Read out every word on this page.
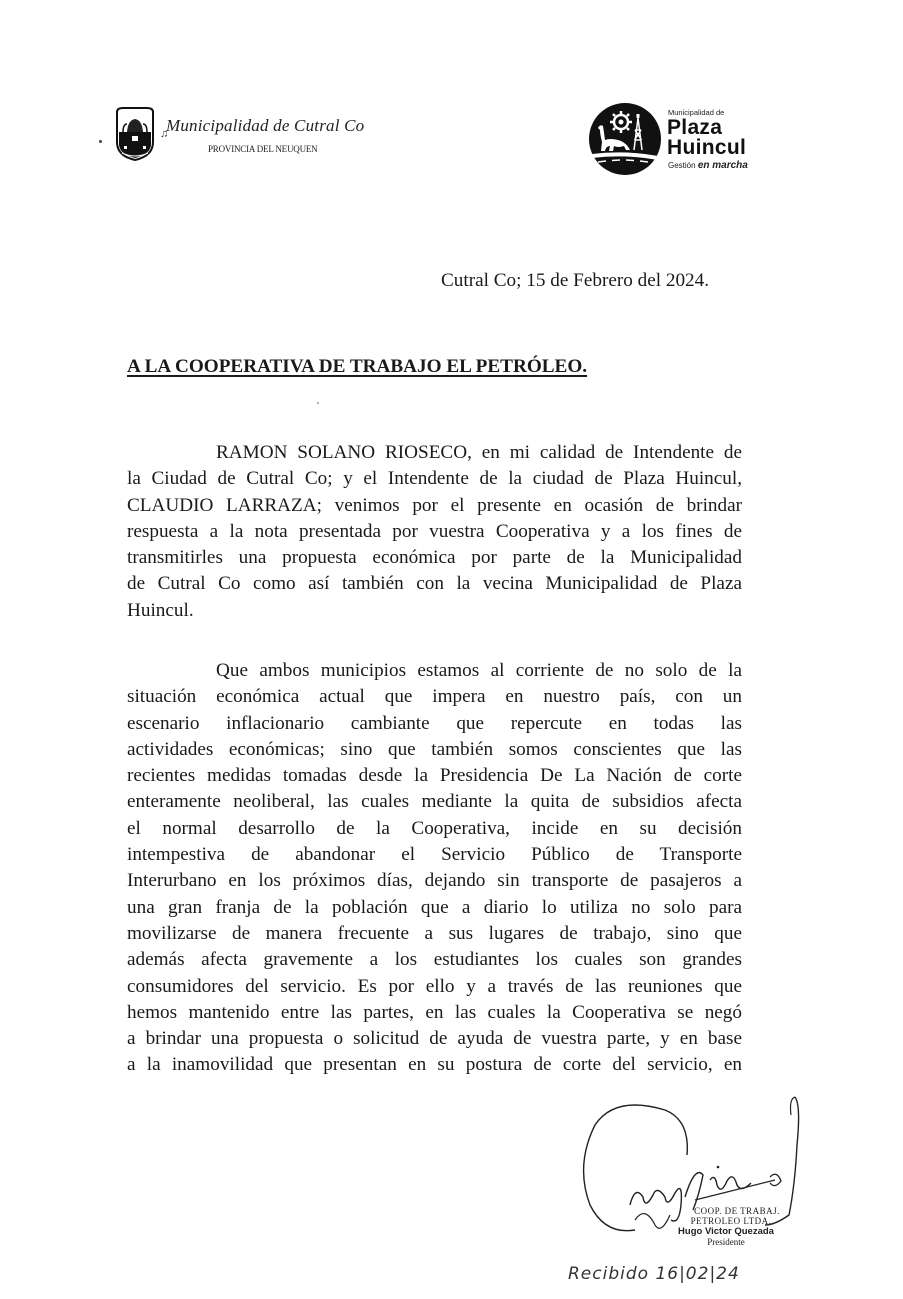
♫
Municipalidad de Cutral Co
PROVINCIA DEL NEUQUEN
Municipalidad de
Plaza
Huincul
Gestión en marcha
Cutral Co; 15 de Febrero del 2024.
A LA COOPERATIVA DE TRABAJO EL PETRÓLEO.
RAMON SOLANO RIOSECO, en mi calidad de Intendente de
la Ciudad de Cutral Co; y el Intendente de la ciudad de Plaza Huincul,
CLAUDIO LARRAZA; venimos por el presente en ocasión de brindar
respuesta a la nota presentada por vuestra Cooperativa y a los fines de
transmitirles una propuesta económica por parte de la Municipalidad
de Cutral Co como así también con la vecina Municipalidad de Plaza
Huincul.
Que ambos municipios estamos al corriente de no solo de la
situación económica actual que impera en nuestro país, con un
escenario inflacionario cambiante que repercute en todas las
actividades económicas; sino que también somos conscientes que las
recientes medidas tomadas desde la Presidencia De La Nación de corte
enteramente neoliberal, las cuales mediante la quita de subsidios afecta
el normal desarrollo de la Cooperativa, incide en su decisión
intempestiva de abandonar el Servicio Público de Transporte
Interurbano en los próximos días, dejando sin transporte de pasajeros a
una gran franja de la población que a diario lo utiliza no solo para
movilizarse de manera frecuente a sus lugares de trabajo, sino que
además afecta gravemente a los estudiantes los cuales son grandes
consumidores del servicio. Es por ello y a través de las reuniones que
hemos mantenido entre las partes, en las cuales la Cooperativa se negó
a brindar una propuesta o solicitud de ayuda de vuestra parte, y en base
a la inamovilidad que presentan en su postura de corte del servicio, en
COOP. DE TRABAJ.
PETROLEO LTDA.
Hugo Victor Quezada
Presidente
Recibido 16|02|24
